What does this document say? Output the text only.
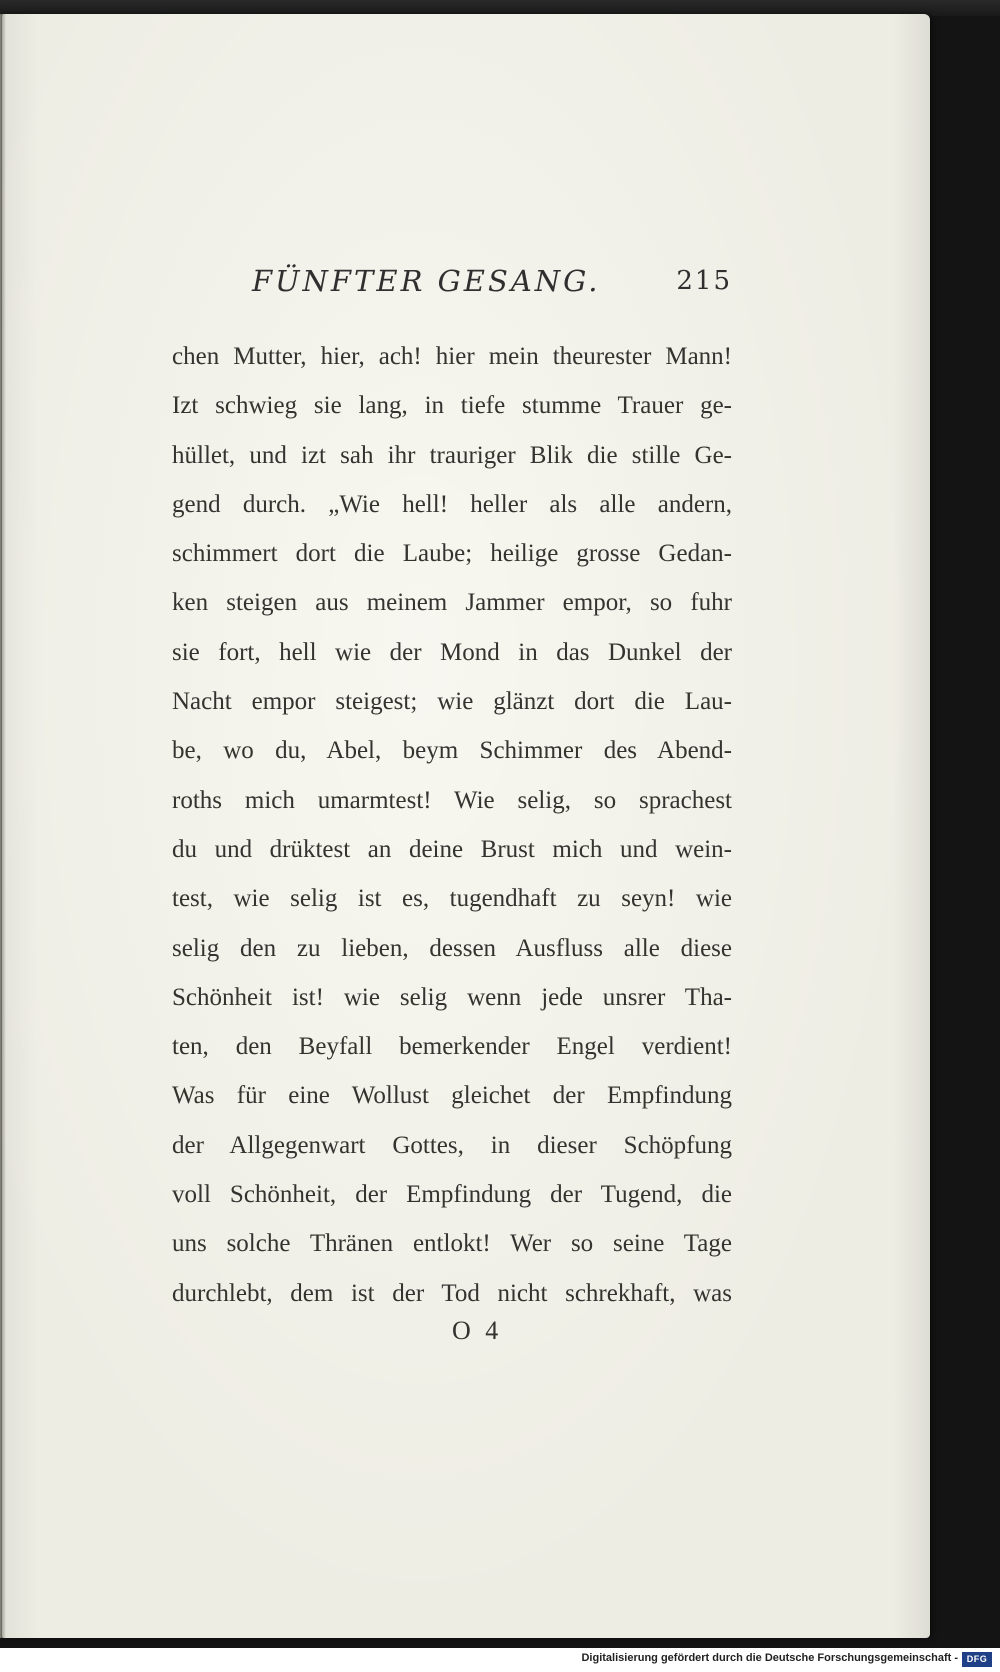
FÜNFTER GESANG.	215
chen Mutter, hier, ach! hier mein theurester Mann!
Izt schwieg sie lang, in tiefe stumme Trauer ge-
hüllet, und izt sah ihr trauriger Blik die stille Ge-
gend durch. „Wie hell! heller als alle andern,
schimmert dort die Laube; heilige grosse Gedan-
ken steigen aus meinem Jammer empor, so fuhr
sie fort, hell wie der Mond in das Dunkel der
Nacht empor steigest; wie glänzt dort die Lau-
be, wo du, Abel, beym Schimmer des Abend-
roths mich umarmtest! Wie selig, so sprachest
du und drüktest an deine Brust mich und wein-
test, wie selig ist es, tugendhaft zu seyn! wie
selig den zu lieben, dessen Ausfluss alle diese
Schönheit ist! wie selig wenn jede unsrer Tha-
ten, den Beyfall bemerkender Engel verdient!
Was für eine Wollust gleichet der Empfindung
der Allgegenwart Gottes, in dieser Schöpfung
voll Schönheit, der Empfindung der Tugend, die
uns solche Thränen entlokt! Wer so seine Tage
durchlebt, dem ist der Tod nicht schrekhaft, was
O 4
Digitalisierung gefördert durch die Deutsche Forschungsgemeinschaft - DFG
